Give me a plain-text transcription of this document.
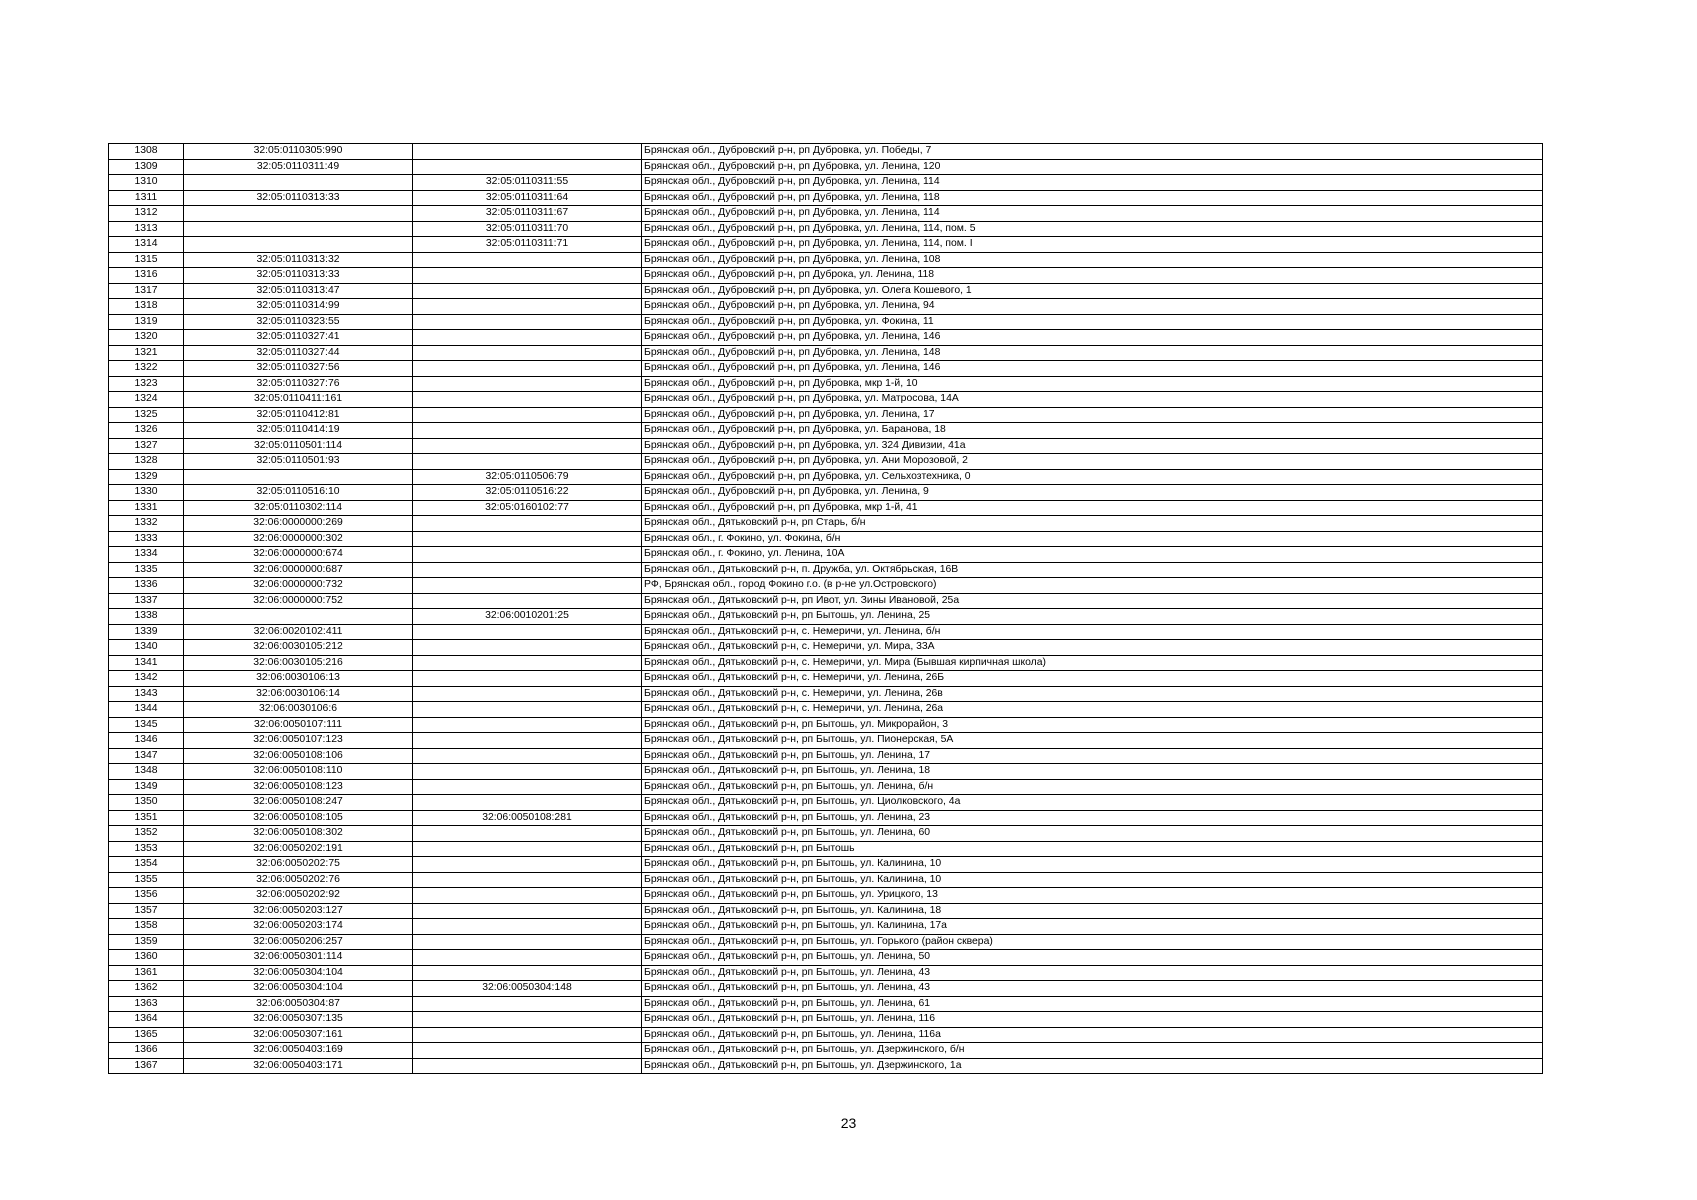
1308	32:05:0110305:990		Брянская обл., Дубровский р-н, рп Дубровка, ул. Победы, 7
1309	32:05:0110311:49		Брянская обл., Дубровский р-н, рп Дубровка, ул. Ленина, 120
1310		32:05:0110311:55	Брянская обл., Дубровский р-н, рп Дубровка, ул. Ленина, 114
1311	32:05:0110313:33	32:05:0110311:64	Брянская обл., Дубровский р-н, рп Дубровка, ул. Ленина, 118
1312		32:05:0110311:67	Брянская обл., Дубровский р-н, рп Дубровка, ул. Ленина, 114
1313		32:05:0110311:70	Брянская обл., Дубровский р-н, рп Дубровка, ул. Ленина, 114, пом. 5
1314		32:05:0110311:71	Брянская обл., Дубровский р-н, рп Дубровка, ул. Ленина, 114, пом. I
1315	32:05:0110313:32		Брянская обл., Дубровский р-н, рп Дубровка, ул. Ленина, 108
1316	32:05:0110313:33		Брянская обл., Дубровский р-н, рп Дуброка, ул. Ленина, 118
1317	32:05:0110313:47		Брянская обл., Дубровский р-н, рп Дубровка, ул. Олега Кошевого, 1
1318	32:05:0110314:99		Брянская обл., Дубровский р-н, рп Дубровка, ул. Ленина, 94
1319	32:05:0110323:55		Брянская обл., Дубровский р-н, рп Дубровка, ул. Фокина, 11
1320	32:05:0110327:41		Брянская обл., Дубровский р-н, рп Дубровка, ул. Ленина, 146
1321	32:05:0110327:44		Брянская обл., Дубровский р-н, рп Дубровка, ул. Ленина, 148
1322	32:05:0110327:56		Брянская обл., Дубровский р-н, рп Дубровка, ул. Ленина, 146
1323	32:05:0110327:76		Брянская обл., Дубровский р-н, рп Дубровка, мкр 1-й, 10
1324	32:05:0110411:161		Брянская обл., Дубровский р-н, рп Дубровка, ул. Матросова, 14А
1325	32:05:0110412:81		Брянская обл., Дубровский р-н, рп Дубровка, ул. Ленина, 17
1326	32:05:0110414:19		Брянская обл., Дубровский р-н, рп Дубровка, ул. Баранова, 18
1327	32:05:0110501:114		Брянская обл., Дубровский р-н, рп Дубровка, ул. 324 Дивизии, 41а
1328	32:05:0110501:93		Брянская обл., Дубровский р-н, рп Дубровка, ул. Ани Морозовой, 2
1329		32:05:0110506:79	Брянская обл., Дубровский р-н, рп Дубровка, ул. Сельхозтехника, 0
1330	32:05:0110516:10	32:05:0110516:22	Брянская обл., Дубровский р-н, рп Дубровка, ул. Ленина, 9
1331	32:05:0110302:114	32:05:0160102:77	Брянская обл., Дубровский р-н, рп Дубровка, мкр 1-й, 41
1332	32:06:0000000:269		Брянская обл., Дятьковский р-н, рп Старь, б/н
1333	32:06:0000000:302		Брянская обл., г. Фокино, ул. Фокина, б/н
1334	32:06:0000000:674		Брянская обл., г. Фокино, ул. Ленина, 10А
1335	32:06:0000000:687		Брянская обл., Дятьковский р-н, п. Дружба, ул. Октябрьская, 16В
1336	32:06:0000000:732		РФ, Брянская обл., город Фокино г.о. (в р-не ул.Островского)
1337	32:06:0000000:752		Брянская обл., Дятьковский р-н, рп Ивот, ул. Зины Ивановой, 25а
1338		32:06:0010201:25	Брянская обл., Дятьковский р-н, рп Бытошь, ул. Ленина, 25
1339	32:06:0020102:411		Брянская обл., Дятьковский р-н, с. Немеричи, ул. Ленина, б/н
1340	32:06:0030105:212		Брянская обл., Дятьковский р-н, с. Немеричи, ул. Мира, 33А
1341	32:06:0030105:216		Брянская обл., Дятьковский р-н, с. Немеричи, ул. Мира (Бывшая кирпичная школа)
1342	32:06:0030106:13		Брянская обл., Дятьковский р-н, с. Немеричи, ул. Ленина, 26Б
1343	32:06:0030106:14		Брянская обл., Дятьковский р-н, с. Немеричи, ул. Ленина, 26в
1344	32:06:0030106:6		Брянская обл., Дятьковский р-н, с. Немеричи, ул. Ленина, 26а
1345	32:06:0050107:111		Брянская обл., Дятьковский р-н, рп Бытошь, ул. Микрорайон, 3
1346	32:06:0050107:123		Брянская обл., Дятьковский р-н, рп Бытошь, ул. Пионерская, 5А
1347	32:06:0050108:106		Брянская обл., Дятьковский р-н, рп Бытошь, ул. Ленина, 17
1348	32:06:0050108:110		Брянская обл., Дятьковский р-н, рп Бытошь, ул. Ленина, 18
1349	32:06:0050108:123		Брянская обл., Дятьковский р-н, рп Бытошь, ул. Ленина, б/н
1350	32:06:0050108:247		Брянская обл., Дятьковский р-н, рп Бытошь, ул. Циолковского, 4а
1351	32:06:0050108:105	32:06:0050108:281	Брянская обл., Дятьковский р-н, рп Бытошь, ул. Ленина, 23
1352	32:06:0050108:302		Брянская обл., Дятьковский р-н, рп Бытошь, ул. Ленина, 60
1353	32:06:0050202:191		Брянская обл., Дятьковский р-н, рп Бытошь
1354	32:06:0050202:75		Брянская обл., Дятьковский р-н, рп Бытошь, ул. Калинина, 10
1355	32:06:0050202:76		Брянская обл., Дятьковский р-н, рп Бытошь, ул. Калинина, 10
1356	32:06:0050202:92		Брянская обл., Дятьковский р-н, рп Бытошь, ул. Урицкого, 13
1357	32:06:0050203:127		Брянская обл., Дятьковский р-н, рп Бытошь, ул. Калинина, 18
1358	32:06:0050203:174		Брянская обл., Дятьковский р-н, рп Бытошь, ул. Калинина, 17а
1359	32:06:0050206:257		Брянская обл., Дятьковский р-н, рп Бытошь, ул. Горького (район сквера)
1360	32:06:0050301:114		Брянская обл., Дятьковский р-н, рп Бытошь, ул. Ленина, 50
1361	32:06:0050304:104		Брянская обл., Дятьковский р-н, рп Бытошь, ул. Ленина, 43
1362	32:06:0050304:104	32:06:0050304:148	Брянская обл., Дятьковский р-н, рп Бытошь, ул. Ленина, 43
1363	32:06:0050304:87		Брянская обл., Дятьковский р-н, рп Бытошь, ул. Ленина, 61
1364	32:06:0050307:135		Брянская обл., Дятьковский р-н, рп Бытошь, ул. Ленина, 116
1365	32:06:0050307:161		Брянская обл., Дятьковский р-н, рп Бытошь, ул. Ленина, 116а
1366	32:06:0050403:169		Брянская обл., Дятьковский р-н, рп Бытошь, ул. Дзержинского, б/н
1367	32:06:0050403:171		Брянская обл., Дятьковский р-н, рп Бытошь, ул. Дзержинского, 1а
23
